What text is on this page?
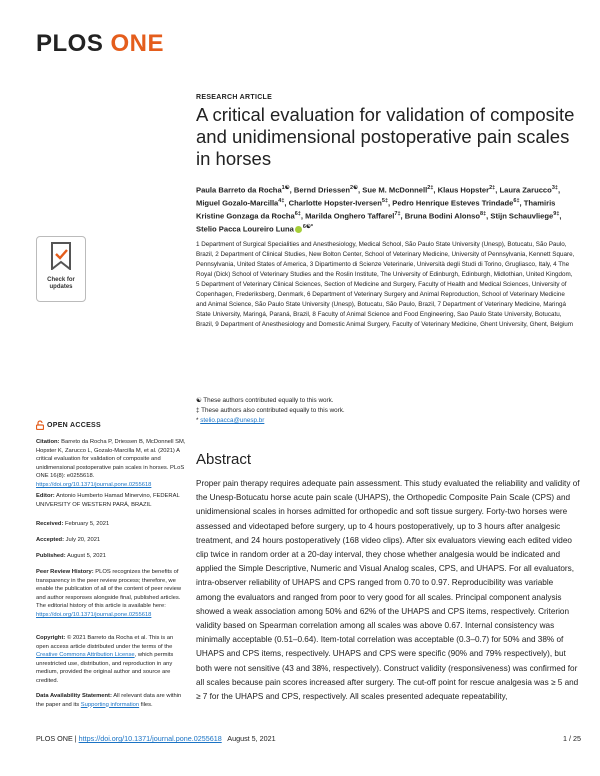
PLOS ONE
Check for updates
OPEN ACCESS
Citation: Barreto da Rocha P, Driessen B, McDonnell SM, Hopster K, Zarucco L, Gozalo-Marcilla M, et al. (2021) A critical evaluation for validation of composite and unidimensional postoperative pain scales in horses. PLoS ONE 16(8): e0255618. https://doi.org/10.1371/journal.pone.0255618
Editor: Antonio Humberto Hamad Minervino, FEDERAL UNIVERSITY OF WESTERN PARÁ, BRAZIL
Received: February 5, 2021
Accepted: July 20, 2021
Published: August 5, 2021
Peer Review History: PLOS recognizes the benefits of transparency in the peer review process; therefore, we enable the publication of all of the content of peer review and author responses alongside final, published articles. The editorial history of this article is available here: https://doi.org/10.1371/journal.pone.0255618
Copyright: © 2021 Barreto da Rocha et al. This is an open access article distributed under the terms of the Creative Commons Attribution License, which permits unrestricted use, distribution, and reproduction in any medium, provided the original author and source are credited.
Data Availability Statement: All relevant data are within the paper and its Supporting information files.
RESEARCH ARTICLE
A critical evaluation for validation of composite and unidimensional postoperative pain scales in horses
Paula Barreto da Rocha$^{1☯}$, Bernd Driessen$^{2☯}$, Sue M. McDonnell$^{2\ddagger}$, Klaus Hopster$^{2\ddagger}$, Laura Zarucco$^{3\ddagger}$, Miguel Gozalo-Marcilla$^{4\ddagger}$, Charlotte Hopster-Iversen$^{5\ddagger}$, Pedro Henrique Esteves Trindade$^{6\ddagger}$, Thamiris Kristine Gonzaga da Rocha$^{6\ddagger}$, Marilda Onghero Taffarel$^{7\ddagger}$, Bruna Bodini Alonso$^{8\ddagger}$, Stijn Schauvliege$^{9\ddagger}$, Stelio Pacca Loureiro Luna $^{6☯*}$
1 Department of Surgical Specialities and Anesthesiology, Medical School, São Paulo State University (Unesp), Botucatu, São Paulo, Brazil, 2 Department of Clinical Studies, New Bolton Center, School of Veterinary Medicine, University of Pennsylvania, Kennett Square, Pennsylvania, United States of America, 3 Dipartimento di Scienze Veterinarie, Università degli Studi di Torino, Grugliasco, Italy, 4 The Royal (Dick) School of Veterinary Studies and the Roslin Institute, The University of Edinburgh, Edinburgh, Midlothian, United Kingdom, 5 Department of Veterinary Clinical Sciences, Section of Medicine and Surgery, Faculty of Health and Medical Sciences, University of Copenhagen, Frederiksberg, Denmark, 6 Department of Veterinary Surgery and Animal Reproduction, School of Veterinary Medicine and Animal Science, São Paulo State University (Unesp), Botucatu, São Paulo, Brazil, 7 Department of Veterinary Medicine, Maringá State University, Maringá, Paraná, Brazil, 8 Faculty of Animal Science and Food Engineering, Sao Paulo State University, Botucatu, Brazil, 9 Department of Anesthesiology and Domestic Animal Surgery, Faculty of Veterinary Medicine, Ghent University, Ghent, Belgium
☯ These authors contributed equally to this work.
‡ These authors also contributed equally to this work.
* stelio.pacca@unesp.br
Abstract
Proper pain therapy requires adequate pain assessment. This study evaluated the reliability and validity of the Unesp-Botucatu horse acute pain scale (UHAPS), the Orthopedic Composite Pain Scale (CPS) and unidimensional scales in horses admitted for orthopedic and soft tissue surgery. Forty-two horses were assessed and videotaped before surgery, up to 4 hours postoperatively, up to 3 hours after analgesic treatment, and 24 hours postoperatively (168 video clips). After six evaluators viewing each edited video clip twice in random order at a 20-day interval, they chose whether analgesia would be indicated and applied the Simple Descriptive, Numeric and Visual Analog scales, CPS, and UHAPS. For all evaluators, intra-observer reliability of UHAPS and CPS ranged from 0.70 to 0.97. Reproducibility was variable among the evaluators and ranged from poor to very good for all scales. Principal component analysis showed a weak association among 50% and 62% of the UHAPS and CPS items, respectively. Criterion validity based on Spearman correlation among all scales was above 0.67. Internal consistency was minimally acceptable (0.51–0.64). Item-total correlation was acceptable (0.3–0.7) for 50% and 38% of UHAPS and CPS items, respectively. UHAPS and CPS were specific (90% and 79% respectively), but both were not sensitive (43 and 38%, respectively). Construct validity (responsiveness) was confirmed for all scales because pain scores increased after surgery. The cut-off point for rescue analgesia was ≥ 5 and ≥ 7 for the UHAPS and CPS, respectively. All scales presented adequate repeatability,
PLOS ONE | https://doi.org/10.1371/journal.pone.0255618 August 5, 2021	1 / 25
